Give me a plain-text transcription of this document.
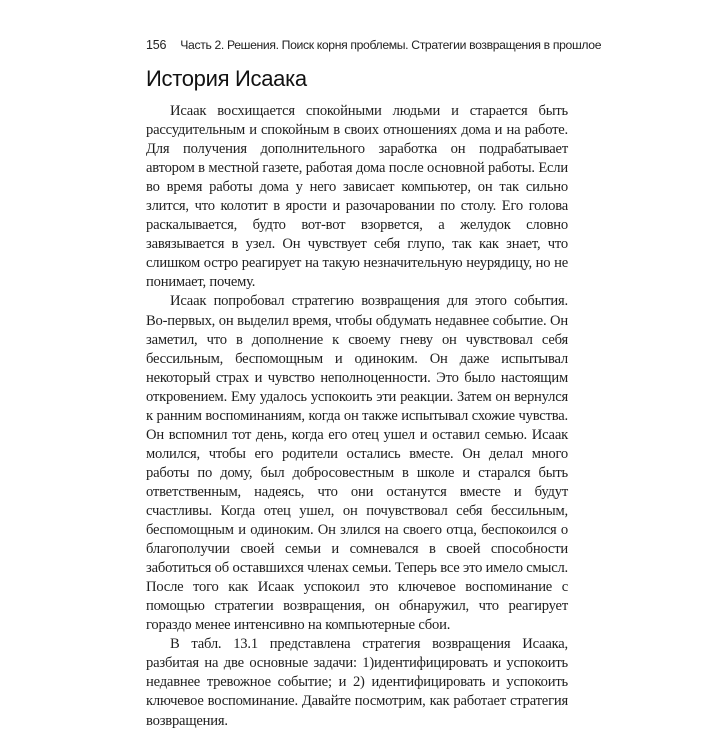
156 Часть 2. Решения. Поиск корня проблемы. Стратегии возвращения в прошлое
История Исаака

Исаак восхищается спокойными людьми и старается быть рассудительным и спокойным в своих отношениях дома и на работе. Для получения дополнительного заработка он подрабатывает автором в местной газете, работая дома после основной работы. Если во время работы дома у него зависает компьютер, он так сильно злится, что колотит в ярости и разочаровании по столу. Его голова раскалывается, будто вот-вот взорвется, а желудок словно завязывается в узел. Он чувствует себя глупо, так как знает, что слишком остро реагирует на такую незначительную неурядицу, но не понимает, почему.

Исаак попробовал стратегию возвращения для этого события. Во-первых, он выделил время, чтобы обдумать недавнее событие. Он заметил, что в дополнение к своему гневу он чувствовал себя бессильным, беспомощным и одиноким. Он даже испытывал некоторый страх и чувство неполноценности. Это было настоящим откровением. Ему удалось успокоить эти реакции. Затем он вернулся к ранним воспоминаниям, когда он также испытывал схожие чувства. Он вспомнил тот день, когда его отец ушел и оставил семью. Исаак молился, чтобы его родители остались вместе. Он делал много работы по дому, был добросовестным в школе и старался быть ответственным, надеясь, что они останутся вместе и будут счастливы. Когда отец ушел, он почувствовал себя бессильным, беспомощным и одиноким. Он злился на своего отца, беспокоился о благополучии своей семьи и сомневался в своей способности заботиться об оставшихся членах семьи. Теперь все это имело смысл. После того как Исаак успокоил это ключевое воспоминание с помощью стратегии возвращения, он обнаружил, что реагирует гораздо менее интенсивно на компьютерные сбои.

В табл. 13.1 представлена стратегия возвращения Исаака, разбитая на две основные задачи: 1)идентифицировать и успокоить недавнее тревожное событие; и 2) идентифицировать и успокоить ключевое воспоминание. Давайте посмотрим, как работает стратегия возвращения.
